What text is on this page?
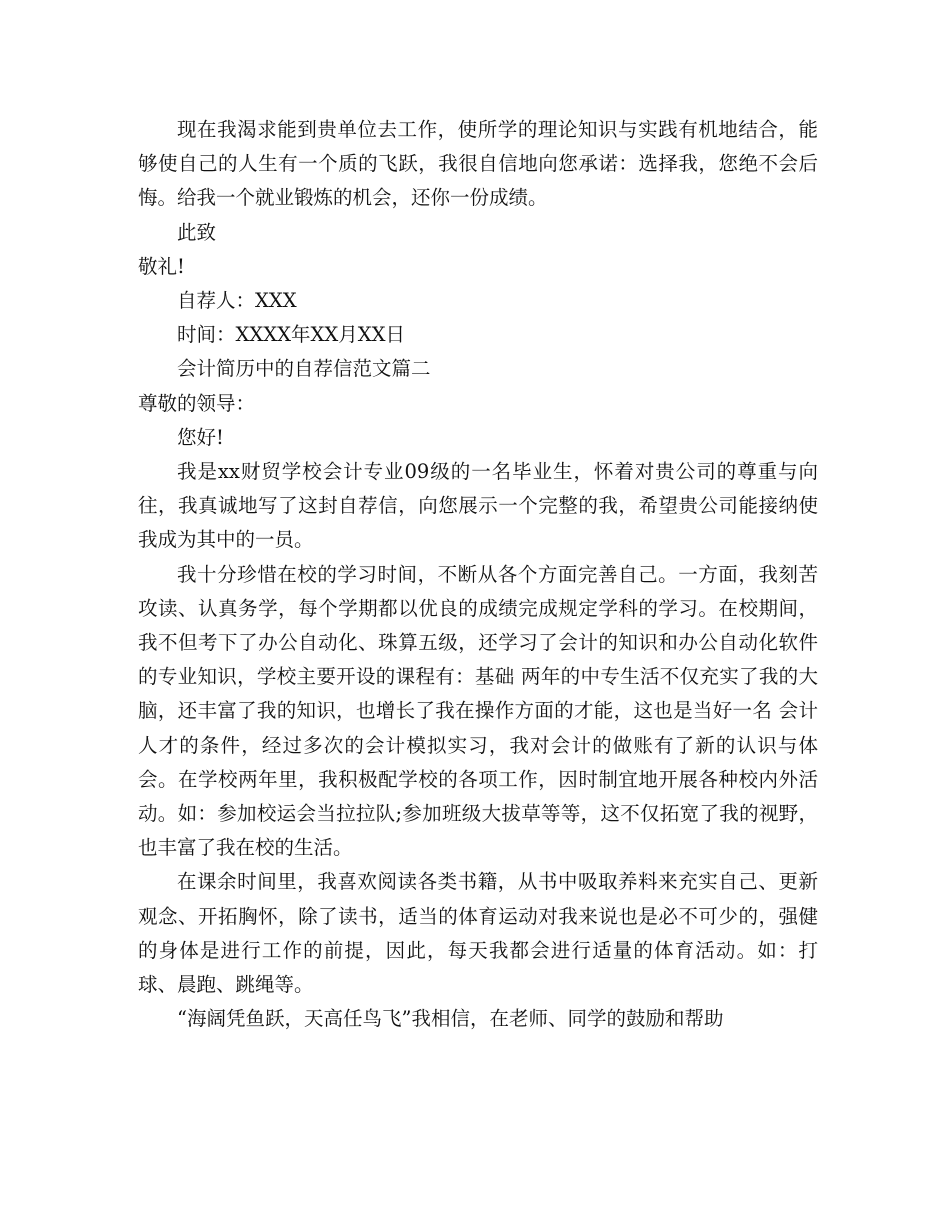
现在我渴求能到贵单位去工作，使所学的理论知识与实践有机地结合，能够使自己的人生有一个质的飞跃，我很自信地向您承诺：选择我，您绝不会后悔。给我一个就业锻炼的机会，还你一份成绩。

此致

敬礼!

自荐人：XXX

时间：XXXX年XX月XX日

会计简历中的自荐信范文篇二

尊敬的领导：

您好!

我是xx财贸学校会计专业09级的一名毕业生，怀着对贵公司的尊重与向往，我真诚地写了这封自荐信，向您展示一个完整的我，希望贵公司能接纳使我成为其中的一员。

我十分珍惜在校的学习时间，不断从各个方面完善自己。一方面，我刻苦攻读、认真务学，每个学期都以优良的成绩完成规定学科的学习。在校期间，我不但考下了办公自动化、珠算五级，还学习了会计的知识和办公自动化软件的专业知识，学校主要开设的课程有：基础 两年的中专生活不仅充实了我的大脑，还丰富了我的知识，也增长了我在操作方面的才能，这也是当好一名 会计人才的条件，经过多次的会计模拟实习，我对会计的做账有了新的认识与体会。在学校两年里，我积极配学校的各项工作，因时制宜地开展各种校内外活动。如：参加校运会当拉拉队;参加班级大拔草等等，这不仅拓宽了我的视野，也丰富了我在校的生活。

在课余时间里，我喜欢阅读各类书籍，从书中吸取养料来充实自己、更新观念、开拓胸怀，除了读书，适当的体育运动对我来说也是必不可少的，强健的身体是进行工作的前提，因此，每天我都会进行适量的体育活动。如：打球、晨跑、跳绳等。

“海阔凭鱼跃，天高任鸟飞”我相信，在老师、同学的鼓励和帮助
